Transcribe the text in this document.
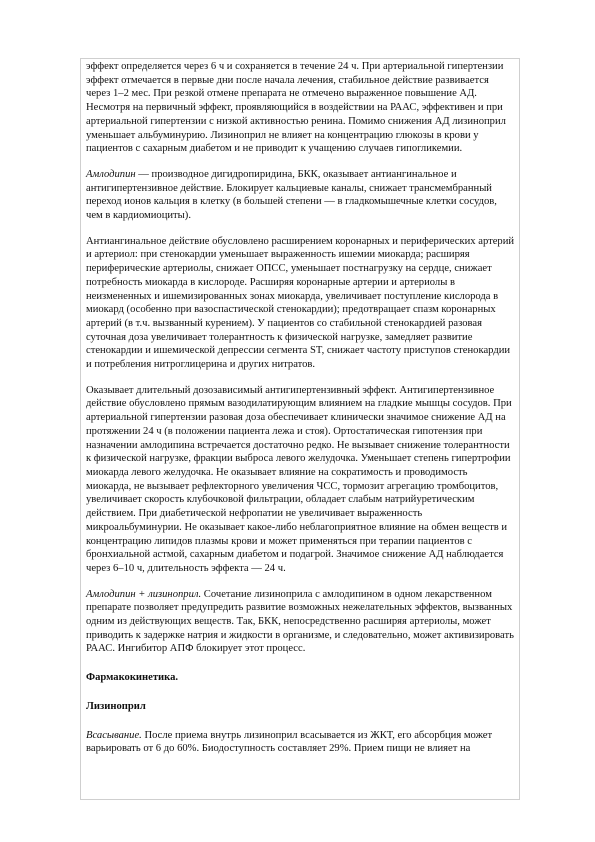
эффект определяется через 6 ч и сохраняется в течение 24 ч. При артериальной гипертензии эффект отмечается в первые дни после начала лечения, стабильное действие развивается через 1–2 мес. При резкой отмене препарата не отмечено выраженное повышение АД. Несмотря на первичный эффект, проявляющийся в воздействии на РААС, эффективен и при артериальной гипертензии с низкой активностью ренина. Помимо снижения АД лизиноприл уменьшает альбуминурию. Лизиноприл не влияет на концентрацию глюкозы в крови у пациентов с сахарным диабетом и не приводит к учащению случаев гипогликемии.

Амлодипин — производное дигидропиридина, БКК, оказывает антиангинальное и антигипертензивное действие. Блокирует кальциевые каналы, снижает трансмембранный переход ионов кальция в клетку (в большей степени — в гладкомышечные клетки сосудов, чем в кардиомиоциты).

Антиангинальное действие обусловлено расширением коронарных и периферических артерий и артериол: при стенокардии уменьшает выраженность ишемии миокарда; расширяя периферические артериолы, снижает ОПСС, уменьшает постнагрузку на сердце, снижает потребность миокарда в кислороде. Расширяя коронарные артерии и артериолы в неизмененных и ишемизированных зонах миокарда, увеличивает поступление кислорода в миокард (особенно при вазоспастической стенокардии); предотвращает спазм коронарных артерий (в т.ч. вызванный курением). У пациентов со стабильной стенокардией разовая суточная доза увеличивает толерантность к физической нагрузке, замедляет развитие стенокардии и ишемической депрессии сегмента ST, снижает частоту приступов стенокардии и потребления нитроглицерина и других нитратов.

Оказывает длительный дозозависимый антигипертензивный эффект. Антигипертензивное действие обусловлено прямым вазодилатирующим влиянием на гладкие мышцы сосудов. При артериальной гипертензии разовая доза обеспечивает клинически значимое снижение АД на протяжении 24 ч (в положении пациента лежа и стоя). Ортостатическая гипотензия при назначении амлодипина встречается достаточно редко. Не вызывает снижение толерантности к физической нагрузке, фракции выброса левого желудочка. Уменьшает степень гипертрофии миокарда левого желудочка. Не оказывает влияние на сократимость и проводимость миокарда, не вызывает рефлекторного увеличения ЧСС, тормозит агрегацию тромбоцитов, увеличивает скорость клубочковой фильтрации, обладает слабым натрийуретическим действием. При диабетической нефропатии не увеличивает выраженность микроальбуминурии. Не оказывает какое-либо неблагоприятное влияние на обмен веществ и концентрацию липидов плазмы крови и может применяться при терапии пациентов с бронхиальной астмой, сахарным диабетом и подагрой. Значимое снижение АД наблюдается через 6–10 ч, длительность эффекта — 24 ч.

Амлодипин + лизиноприл. Сочетание лизиноприла с амлодипином в одном лекарственном препарате позволяет предупредить развитие возможных нежелательных эффектов, вызванных одним из действующих веществ. Так, БКК, непосредственно расширяя артериолы, может приводить к задержке натрия и жидкости в организме, и следовательно, может активизировать РААС. Ингибитор АПФ блокирует этот процесс.

Фармакокинетика.

Лизиноприл

Всасывание. После приема внутрь лизиноприл всасывается из ЖКТ, его абсорбция может варьировать от 6 до 60%. Биодоступность составляет 29%. Прием пищи не влияет на
